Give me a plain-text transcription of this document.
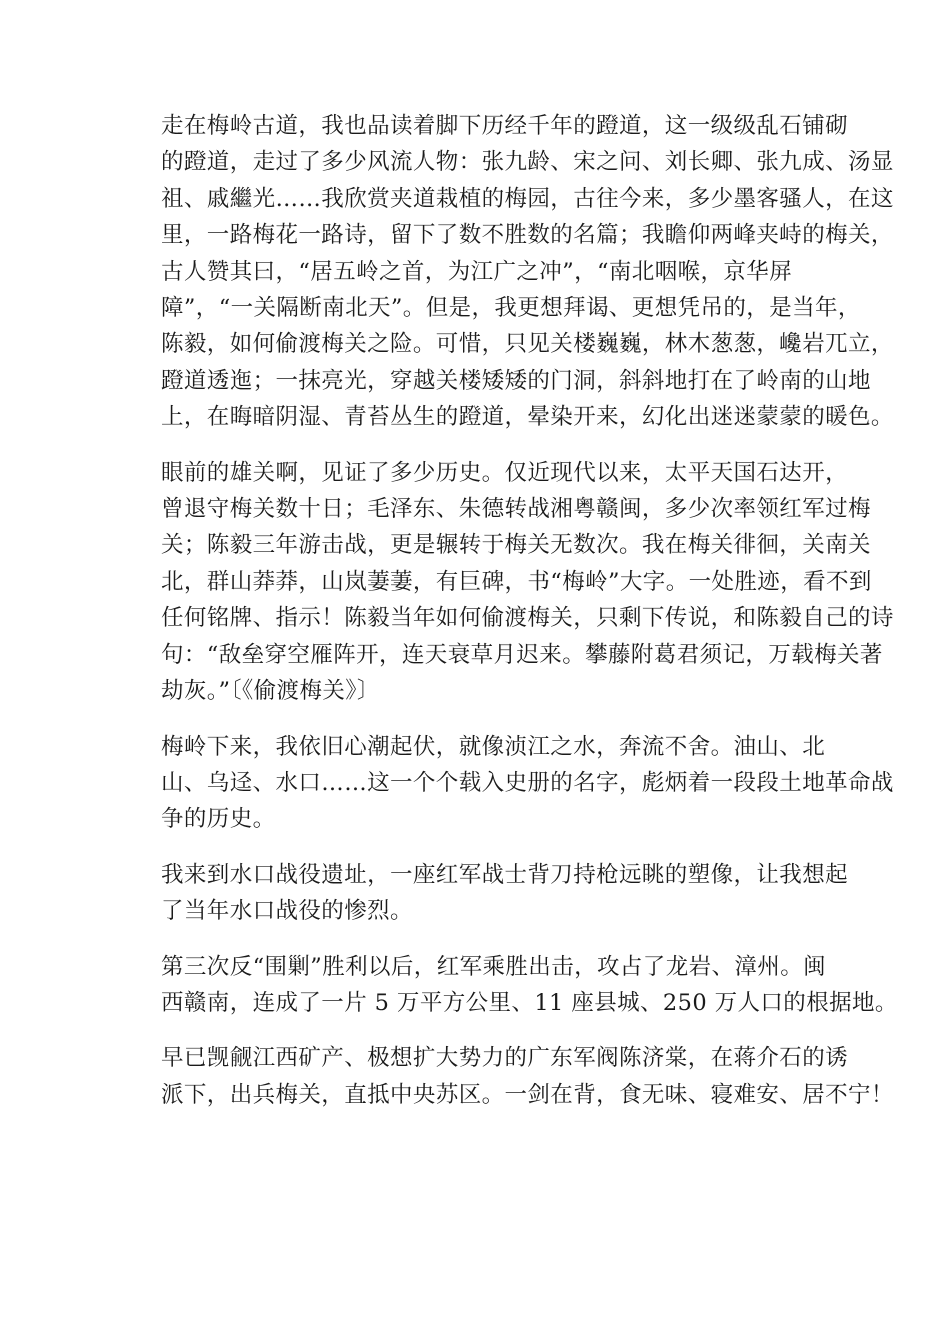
走在梅岭古道，我也品读着脚下历经千年的蹬道，这一级级乱石铺砌
的蹬道，走过了多少风流人物：张九龄、宋之问、刘长卿、张九成、汤显
祖、戚繼光……我欣赏夹道栽植的梅园，古往今来，多少墨客骚人，在这
里，一路梅花一路诗，留下了数不胜数的名篇；我瞻仰两峰夹峙的梅关，
古人赞其曰，“居五岭之首，为江广之冲”，“南北咽喉，京华屏
障”，“一关隔断南北天”。但是，我更想拜谒、更想凭吊的，是当年，
陈毅，如何偷渡梅关之险。可惜，只见关楼巍巍，林木葱葱，巉岩兀立，
蹬道透迤；一抹亮光，穿越关楼矮矮的门洞，斜斜地打在了岭南的山地
上，在晦暗阴湿、青苔丛生的蹬道，晕染开来，幻化出迷迷蒙蒙的暖色。

眼前的雄关啊，见证了多少历史。仅近现代以来，太平天国石达开，
曾退守梅关数十日；毛泽东、朱德转战湘粤赣闽，多少次率领红军过梅
关；陈毅三年游击战，更是辗转于梅关无数次。我在梅关徘徊，关南关
北，群山莽莽，山岚萋萋，有巨碑，书“梅岭”大字。一处胜迹，看不到
任何铭牌、指示！陈毅当年如何偷渡梅关，只剩下传说，和陈毅自己的诗
句：“敌垒穿空雁阵开，连天衰草月迟来。攀藤附葛君须记，万载梅关著
劫灰。”〔《偷渡梅关》〕

梅岭下来，我依旧心潮起伏，就像浈江之水，奔流不舍。油山、北
山、乌迳、水口……这一个个载入史册的名字，彪炳着一段段土地革命战
争的历史。

我来到水口战役遗址，一座红军战士背刀持枪远眺的塑像，让我想起
了当年水口战役的惨烈。

第三次反“围剿”胜利以后，红军乘胜出击，攻占了龙岩、漳州。闽
西赣南，连成了一片 5 万平方公里、11 座县城、250 万人口的根据地。

早已觊觎江西矿产、极想扩大势力的广东军阀陈济棠，在蒋介石的诱
派下，出兵梅关，直抵中央苏区。一剑在背，食无味、寝难安、居不宁！
